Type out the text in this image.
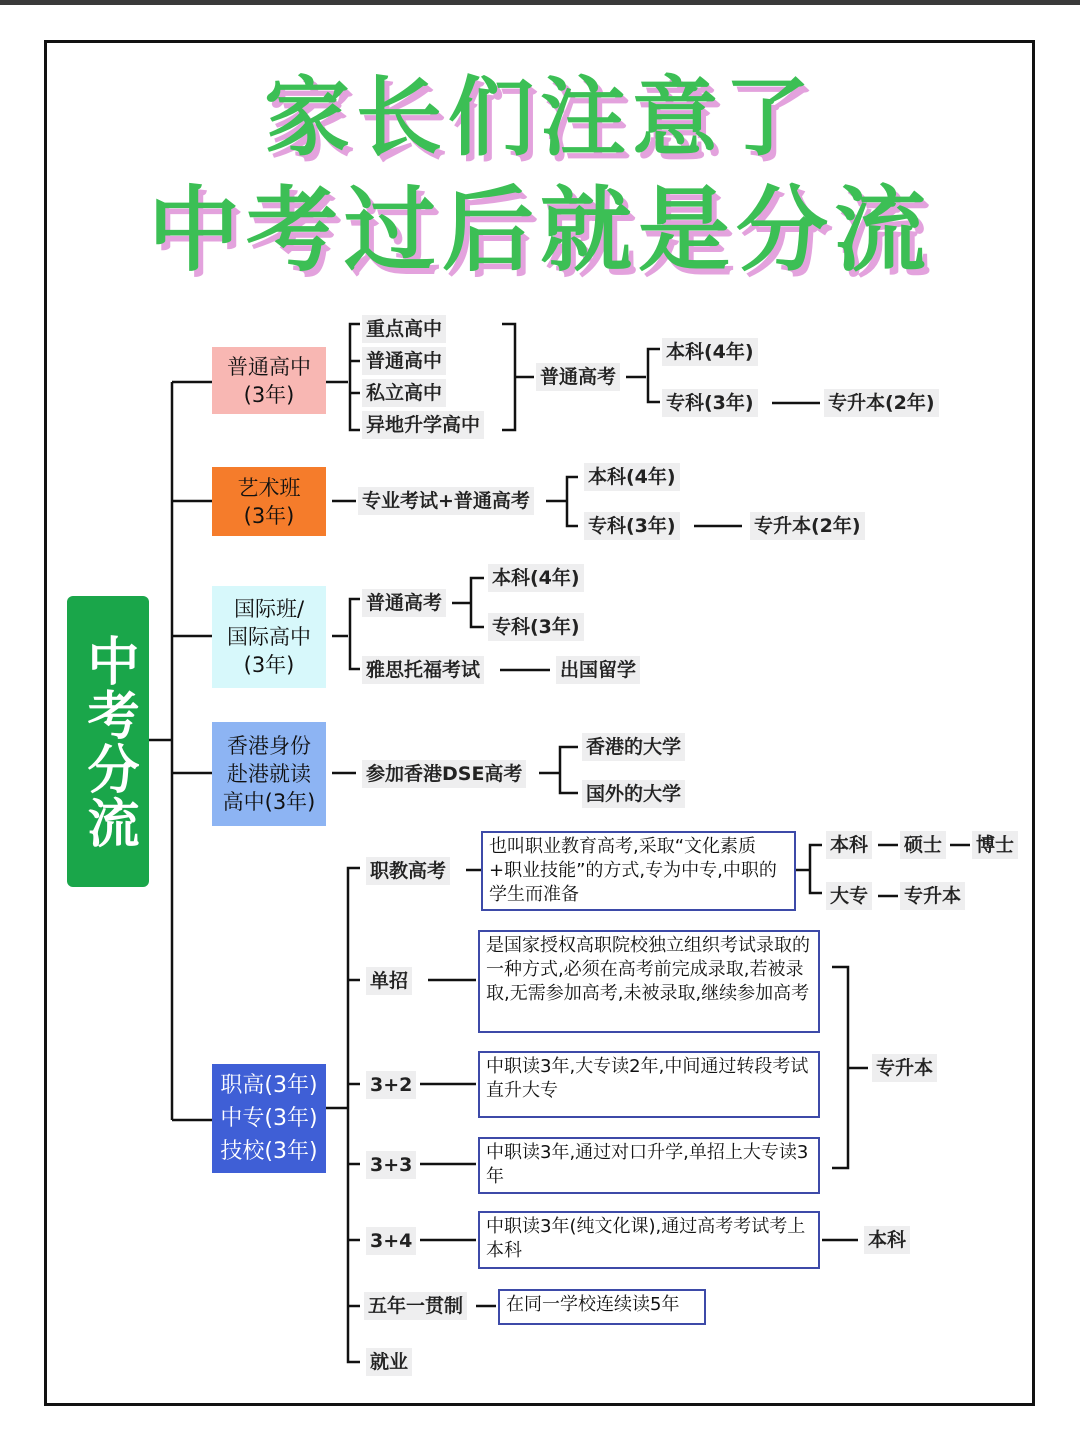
家长们注意了
中考过后就是分流
中考分流
普通高中
(3年)
艺术班
(3年)
国际班/
国际高中
(3年)
香港身份
赴港就读
高中(3年)
职高(3年)
中专(3年)
技校(3年)
重点高中
普通高中
私立高中
异地升学高中
普通高考
本科(4年)
专科(3年)	专升本(2年)
专业考试+普通高考
本科(4年)
专科(3年)	专升本(2年)
普通高考
本科(4年)
专科(3年)
雅思托福考试	出国留学
参加香港DSE高考
香港的大学
国外的大学
职教高考
也叫职业教育高考,采取“文化素质+职业技能”的方式,专为中专,中职的学生而准备
本科 硕士 博士
大专 专升本
单招
是国家授权高职院校独立组织考试录取的一种方式,必须在高考前完成录取,若被录取,无需参加高考,未被录取,继续参加高考
3+2
中职读3年,大专读2年,中间通过转段考试直升大专
3+3
中职读3年,通过对口升学,单招上大专读3年
专升本
3+4
中职读3年(纯文化课),通过高考考试考上本科	本科
五年一贯制	在同一学校连续读5年
就业
